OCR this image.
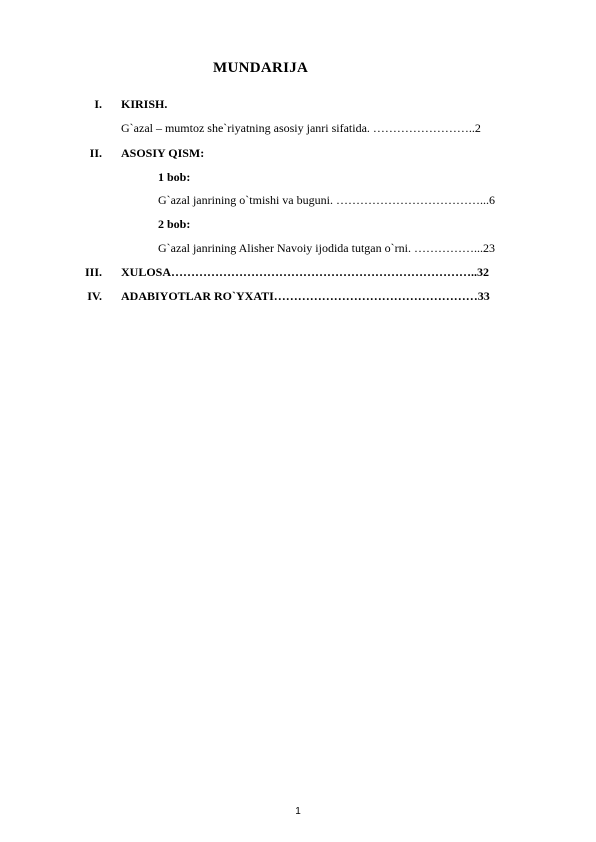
MUNDARIJA
I. KIRISH.
G`azal – mumtoz she`riyatning asosiy janri sifatida. ……………………..2
II. ASOSIY QISM:
1 bob:
G`azal janrining o`tmishi va buguni. ………………………………...6
2 bob:
G`azal janrining Alisher Navoiy ijodida tutgan o`rni. ……………...23
III. XULOSA…………………………………………………………………..32
IV. ADABIYOTLAR RO`YXATI……………………………………………33
1
